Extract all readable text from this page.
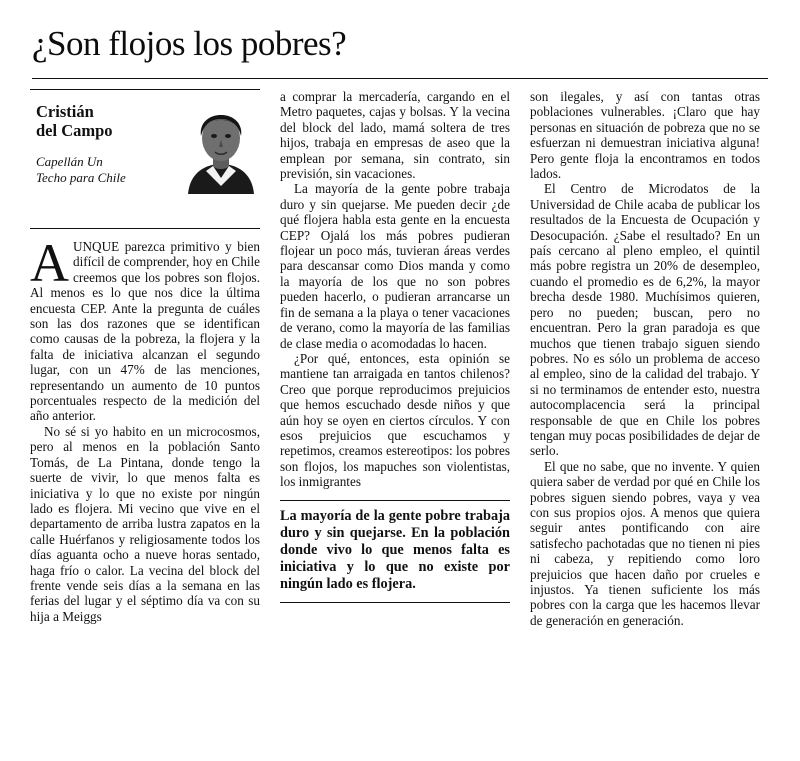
¿Son flojos los pobres?
Cristián
del Campo
Capellán Un
Techo para Chile

AUNQUE parezca primitivo y bien difícil de comprender, hoy en Chile creemos que los pobres son flojos. Al menos es lo que nos dice la última encuesta CEP. Ante la pregunta de cuáles son las dos razones que se identifican como causas de la pobreza, la flojera y la falta de iniciativa alcanzan el segundo lugar, con un 47% de las menciones, representando un aumento de 10 puntos porcentuales respecto de la medición del año anterior.

No sé si yo habito en un microcosmos, pero al menos en la población Santo Tomás, de La Pintana, donde tengo la suerte de vivir, lo que menos falta es iniciativa y lo que no existe por ningún lado es flojera. Mi vecino que vive en el departamento de arriba lustra zapatos en la calle Huérfanos y religiosamente todos los días aguanta ocho a nueve horas sentado, haga frío o calor. La vecina del block del frente vende seis días a la semana en las ferias del lugar y el séptimo día va con su hija a Meiggs

a comprar la mercadería, cargando en el Metro paquetes, cajas y bolsas. Y la vecina del block del lado, mamá soltera de tres hijos, trabaja en empresas de aseo que la emplean por semana, sin contrato, sin previsión, sin vacaciones.

La mayoría de la gente pobre trabaja duro y sin quejarse. Me pueden decir ¿de qué flojera habla esta gente en la encuesta CEP? Ojalá los más pobres pudieran flojear un poco más, tuvieran áreas verdes para descansar como Dios manda y como la mayoría de los que no son pobres pueden hacerlo, o pudieran arrancarse un fin de semana a la playa o tener vacaciones de verano, como la mayoría de las familias de clase media o acomodadas lo hacen.

¿Por qué, entonces, esta opinión se mantiene tan arraigada en tantos chilenos? Creo que porque reproducimos prejuicios que hemos escuchado desde niños y que aún hoy se oyen en ciertos círculos. Y con esos prejuicios que escuchamos y repetimos, creamos estereotipos: los pobres son flojos, los mapuches son violentistas, los inmigrantes

La mayoría de la gente pobre trabaja duro y sin quejarse. En la población donde vivo lo que menos falta es iniciativa y lo que no existe por ningún lado es flojera.

son ilegales, y así con tantas otras poblaciones vulnerables. ¡Claro que hay personas en situación de pobreza que no se esfuerzan ni demuestran iniciativa alguna! Pero gente floja la encontramos en todos lados.

El Centro de Microdatos de la Universidad de Chile acaba de publicar los resultados de la Encuesta de Ocupación y Desocupación. ¿Sabe el resultado? En un país cercano al pleno empleo, el quintil más pobre registra un 20% de desempleo, cuando el promedio es de 6,2%, la mayor brecha desde 1980. Muchísimos quieren, pero no pueden; buscan, pero no encuentran. Pero la gran paradoja es que muchos que tienen trabajo siguen siendo pobres. No es sólo un problema de acceso al empleo, sino de la calidad del trabajo. Y si no terminamos de entender esto, nuestra autocomplacencia será la principal responsable de que en Chile los pobres tengan muy pocas posibilidades de dejar de serlo.

El que no sabe, que no invente. Y quien quiera saber de verdad por qué en Chile los pobres siguen siendo pobres, vaya y vea con sus propios ojos. A menos que quiera seguir antes pontificando con aire satisfecho pachotadas que no tienen ni pies ni cabeza, y repitiendo como loro prejuicios que hacen daño por crueles e injustos. Ya tienen suficiente los más pobres con la carga que les hacemos llevar de generación en generación.
